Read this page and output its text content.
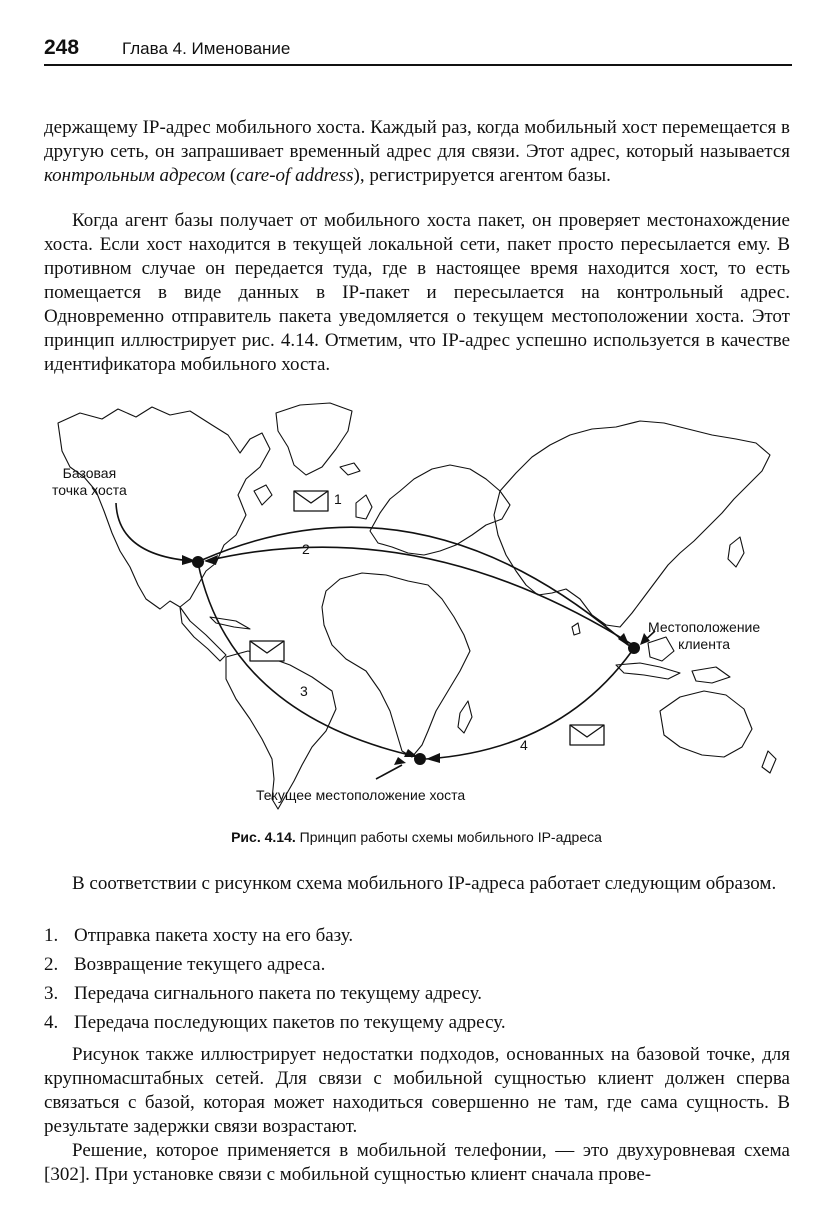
248	Глава 4. Именование

держащему IP-адрес мобильного хоста. Каждый раз, когда мобильный хост перемещается в другую сеть, он запрашивает временный адрес для связи. Этот адрес, который называется контрольным адресом (care-of address), регистрируется агентом базы.

Когда агент базы получает от мобильного хоста пакет, он проверяет местонахождение хоста. Если хост находится в текущей локальной сети, пакет просто пересылается ему. В противном случае он передается туда, где в настоящее время находится хост, то есть помещается в виде данных в IP-пакет и пересылается на контрольный адрес. Одновременно отправитель пакета уведомляется о текущем местоположении хоста. Этот принцип иллюстрирует рис. 4.14. Отметим, что IP-адрес успешно используется в качестве идентификатора мобильного хоста.

Базовая
точка хоста
Местоположение
клиента
Текущее местоположение хоста
1
2
3
4
Рис. 4.14. Принцип работы схемы мобильного IP-адреса

В соответствии с рисунком схема мобильного IP-адреса работает следующим образом.

1. Отправка пакета хосту на его базу.
2. Возвращение текущего адреса.
3. Передача сигнального пакета по текущему адресу.
4. Передача последующих пакетов по текущему адресу.

Рисунок также иллюстрирует недостатки подходов, основанных на базовой точке, для крупномасштабных сетей. Для связи с мобильной сущностью клиент должен сперва связаться с базой, которая может находиться совершенно не там, где сама сущность. В результате задержки связи возрастают.

Решение, которое применяется в мобильной телефонии, — это двухуровневая схема [302]. При установке связи с мобильной сущностью клиент сначала прове-
